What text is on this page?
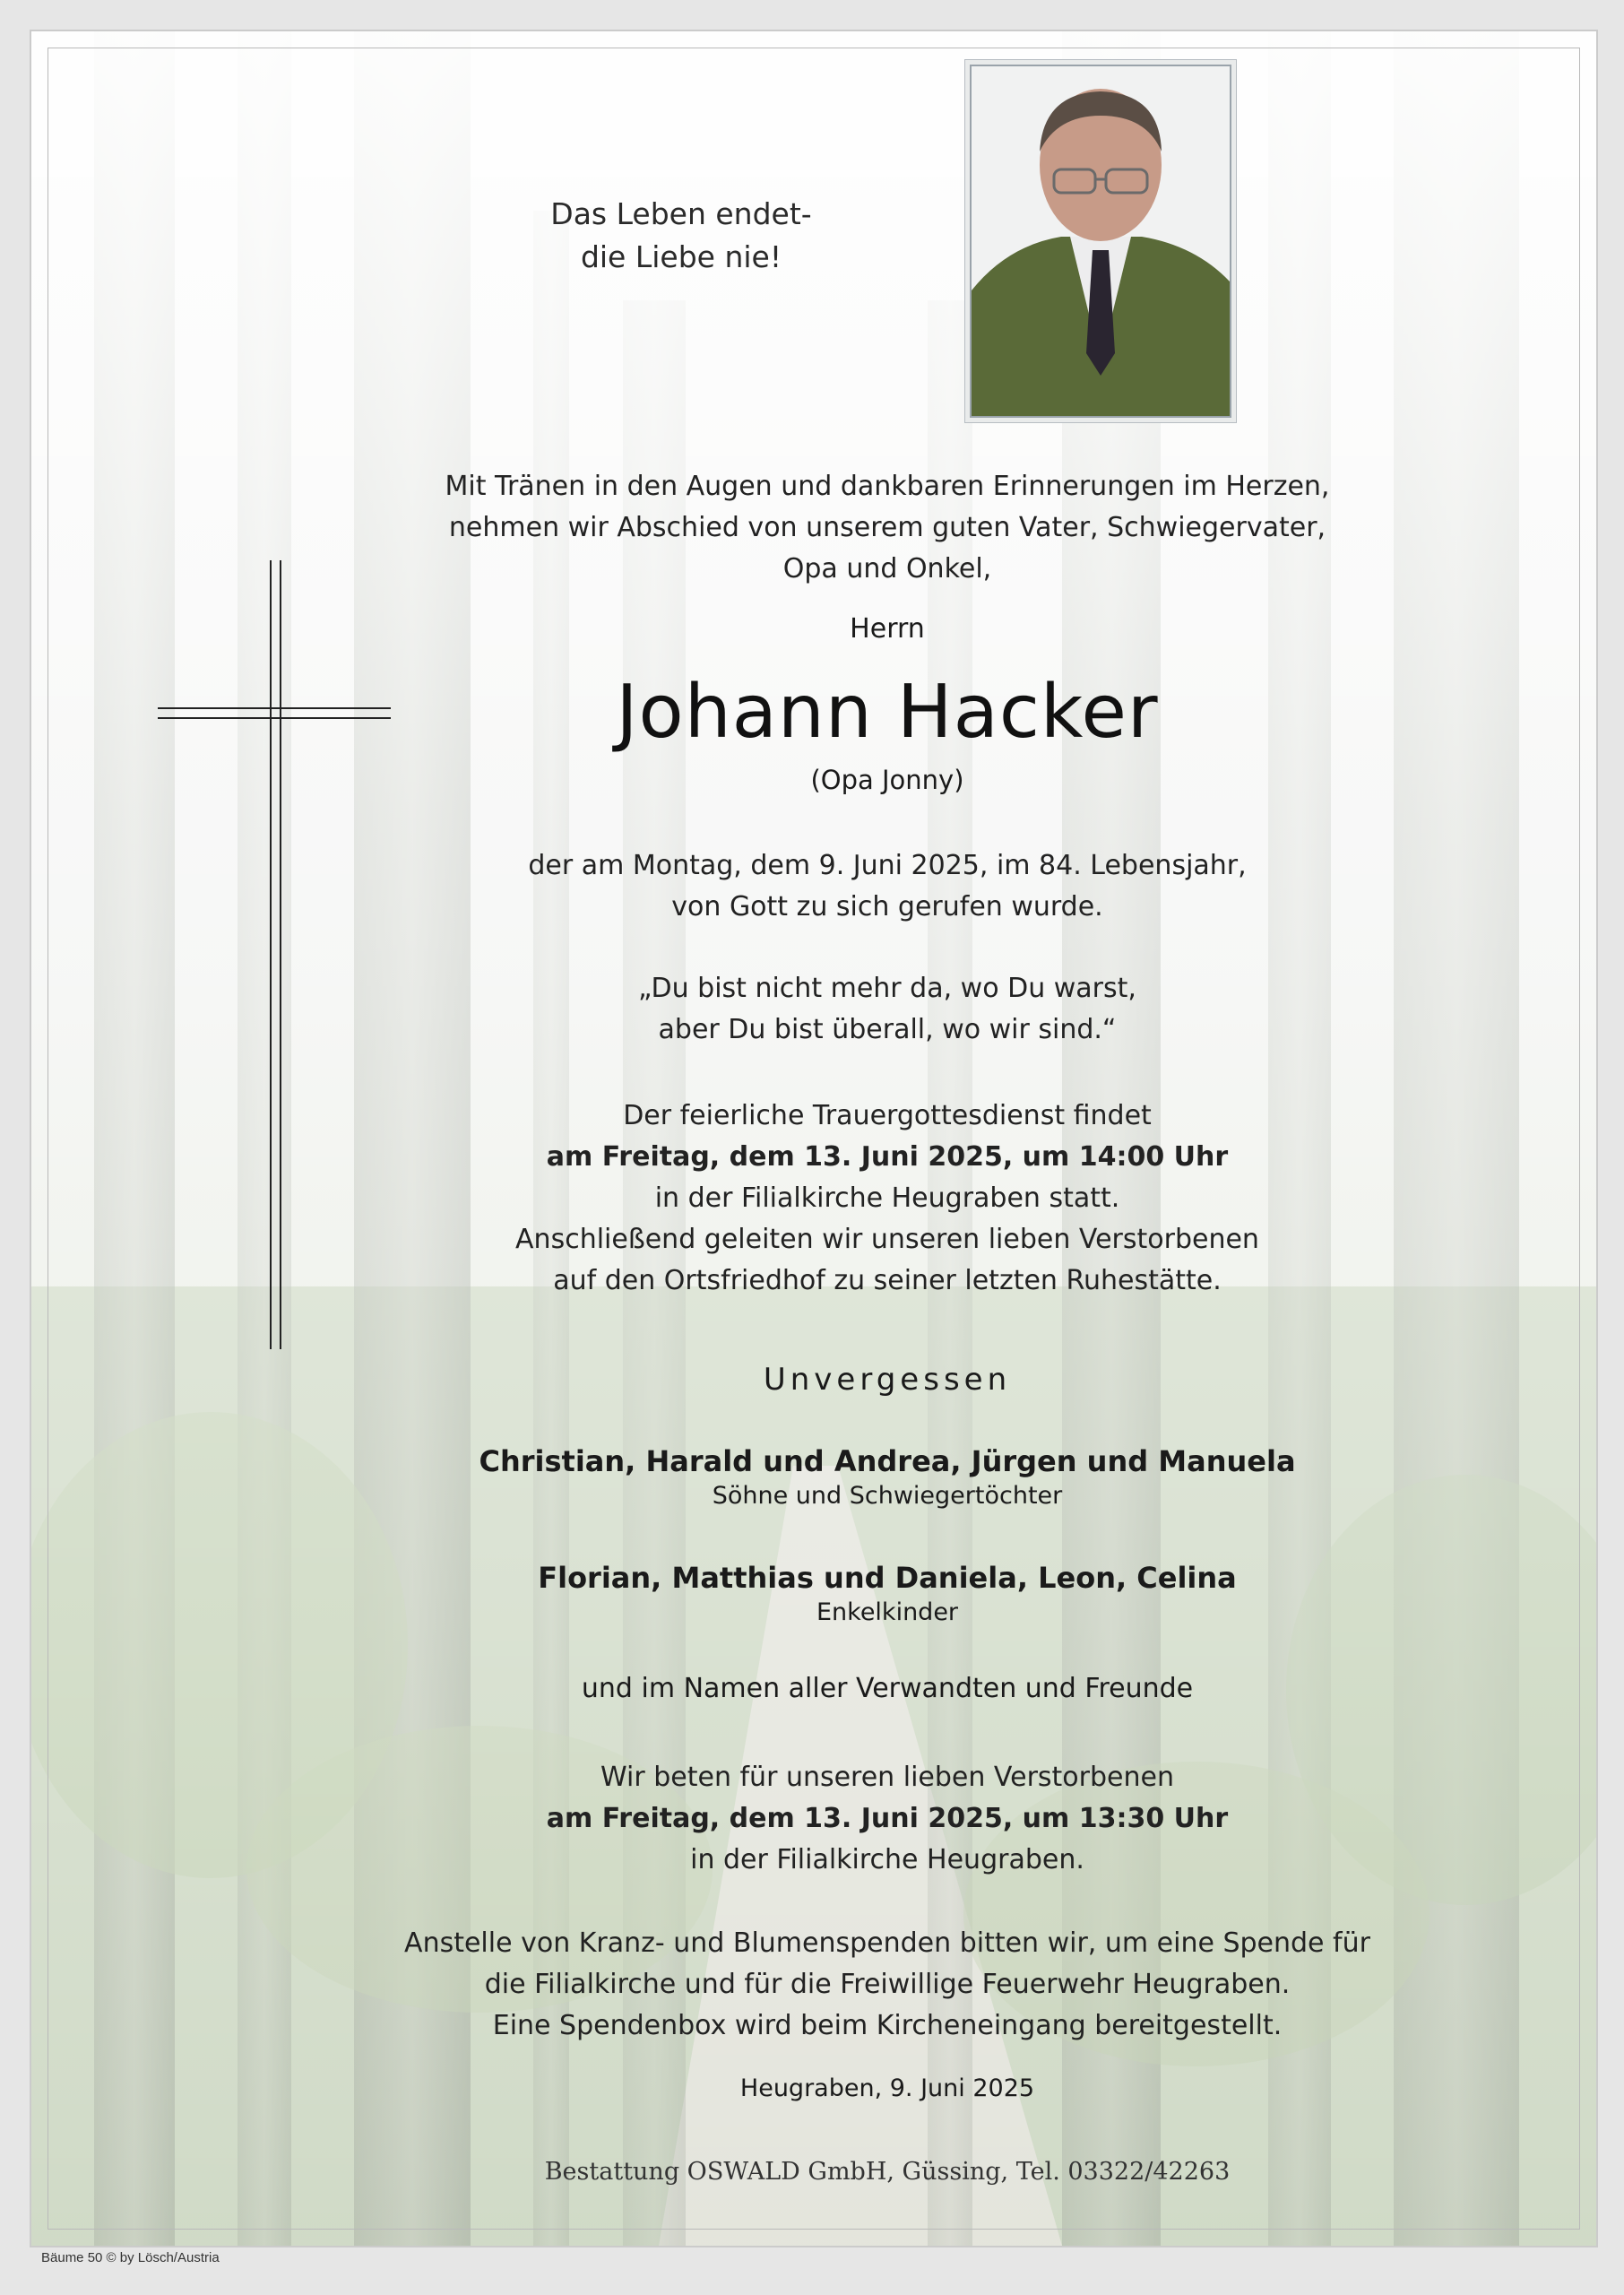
Das Leben endet-
die Liebe nie!
Mit Tränen in den Augen und dankbaren Erinnerungen im Herzen,
nehmen wir Abschied von unserem guten Vater, Schwiegervater,
Opa und Onkel,
Herrn
Johann Hacker
(Opa Jonny)
der am Montag, dem 9. Juni 2025, im 84. Lebensjahr,
von Gott zu sich gerufen wurde.
„Du bist nicht mehr da, wo Du warst,
aber Du bist überall, wo wir sind.“
Der feierliche Trauergottesdienst findet
am Freitag, dem 13. Juni 2025, um 14:00 Uhr
in der Filialkirche Heugraben statt.
Anschließend geleiten wir unseren lieben Verstorbenen
auf den Ortsfriedhof zu seiner letzten Ruhestätte.
Unvergessen
Christian, Harald und Andrea, Jürgen und Manuela
Söhne und Schwiegertöchter
Florian, Matthias und Daniela, Leon, Celina
Enkelkinder
und im Namen aller Verwandten und Freunde
Wir beten für unseren lieben Verstorbenen
am Freitag, dem 13. Juni 2025, um 13:30 Uhr
in der Filialkirche Heugraben.
Anstelle von Kranz- und Blumenspenden bitten wir, um eine Spende für
die Filialkirche und für die Freiwillige Feuerwehr Heugraben.
Eine Spendenbox wird beim Kircheneingang bereitgestellt.
Heugraben, 9. Juni 2025
Bestattung OSWALD GmbH, Güssing, Tel. 03322/42263
Bäume 50 © by Lösch/Austria
